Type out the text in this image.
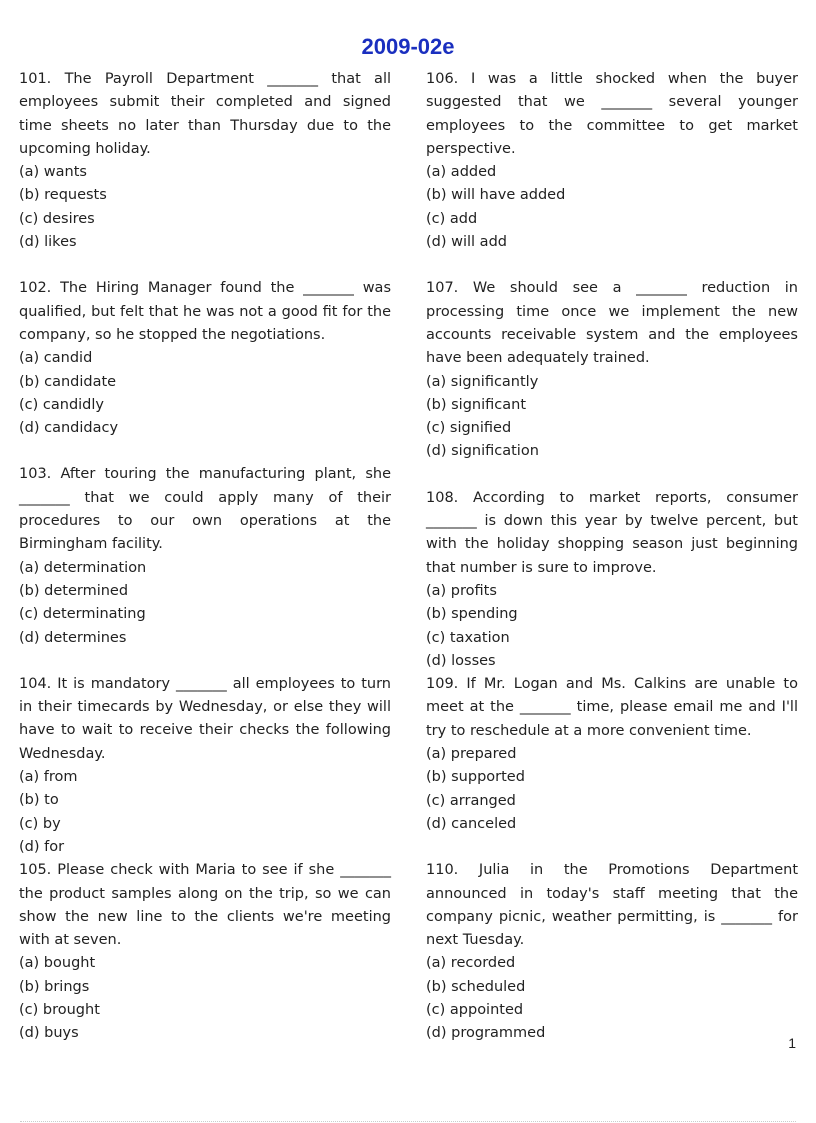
2009-02e

101. The Payroll Department _______ that all employees submit their completed and signed time sheets no later than Thursday due to the upcoming holiday.

(a) wants
(b) requests
(c) desires
(d) likes

102. The Hiring Manager found the _______ was qualified, but felt that he was not a good fit for the company, so he stopped the negotiations.

(a) candid
(b) candidate
(c) candidly
(d) candidacy

103. After touring the manufacturing plant, she _______ that we could apply many of their procedures to our own operations at the Birmingham facility.

(a) determination
(b) determined
(c) determinating
(d) determines

104. It is mandatory _______ all employees to turn in their timecards by Wednesday, or else they will have to wait to receive their checks the following Wednesday.

(a) from
(b) to
(c) by
(d) for

105. Please check with Maria to see if she _______ the product samples along on the trip, so we can show the new line to the clients we're meeting with at seven.

(a) bought
(b) brings
(c) brought
(d) buys

106. I was a little shocked when the buyer suggested that we _______ several younger employees to the committee to get market perspective.

(a) added
(b) will have added
(c) add
(d) will add

107. We should see a _______ reduction in processing time once we implement the new accounts receivable system and the employees have been adequately trained.

(a) significantly
(b) significant
(c) signified
(d) signification

108. According to market reports, consumer _______ is down this year by twelve percent, but with the holiday shopping season just beginning that number is sure to improve.

(a) profits
(b) spending
(c) taxation
(d) losses

109. If Mr. Logan and Ms. Calkins are unable to meet at the _______ time, please email me and I'll try to reschedule at a more convenient time.

(a) prepared
(b) supported
(c) arranged
(d) canceled

110. Julia in the Promotions Department announced in today's staff meeting that the company picnic, weather permitting, is _______ for next Tuesday.

(a) recorded
(b) scheduled
(c) appointed
(d) programmed
1
